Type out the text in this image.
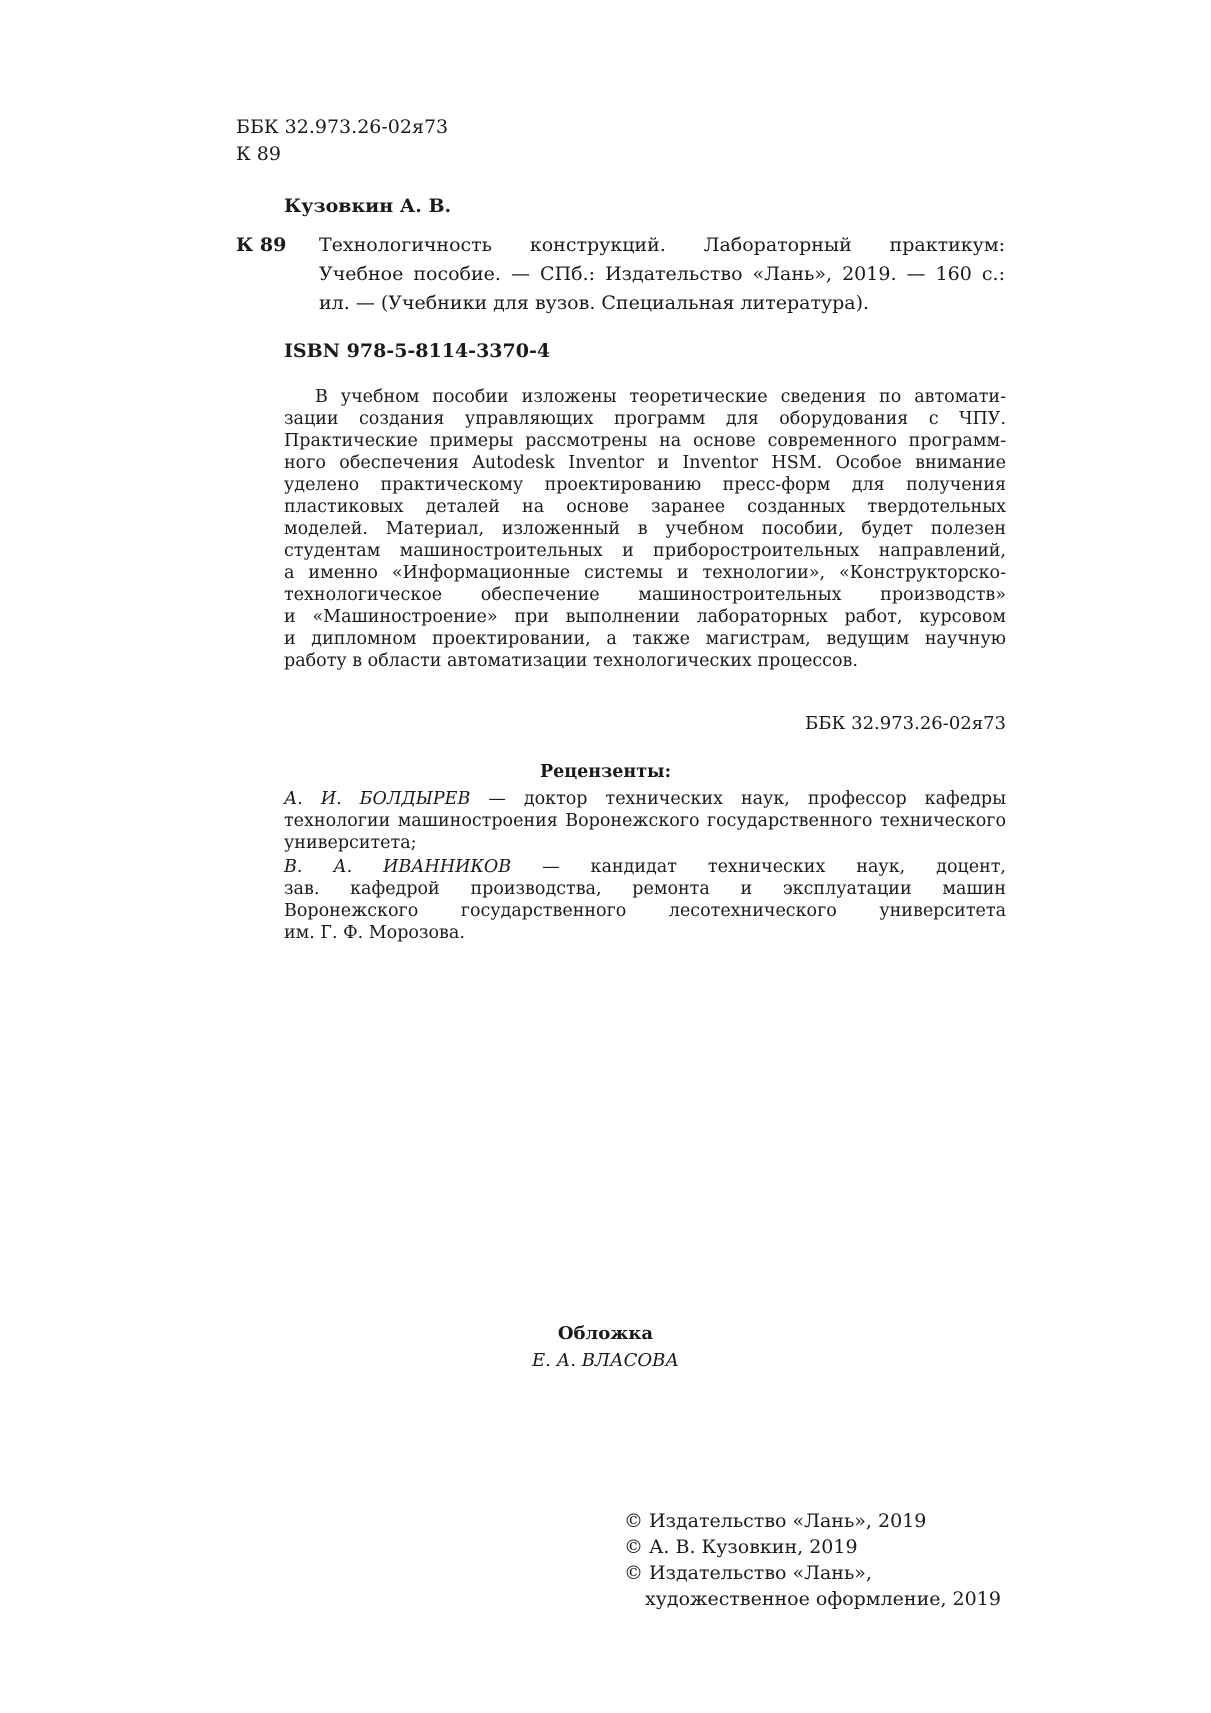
ББК 32.973.26-02я73
К 89
Кузовкин А. В.
К 89 Технологичность конструкций. Лабораторный практикум:
Учебное пособие. — СПб.: Издательство «Лань», 2019. — 160 с.:
ил. — (Учебники для вузов. Специальная литература).
ISBN 978-5-8114-3370-4
В учебном пособии изложены теоретические сведения по автомати-
зации создания управляющих программ для оборудования с ЧПУ.
Практические примеры рассмотрены на основе современного программ-
ного обеспечения Autodesk Inventor и Inventor HSM. Особое внимание
уделено практическому проектированию пресс-форм для получения
пластиковых деталей на основе заранее созданных твердотельных
моделей. Материал, изложенный в учебном пособии, будет полезен
студентам машиностроительных и приборостроительных направлений,
а именно «Информационные системы и технологии», «Конструкторско-
технологическое обеспечение машиностроительных производств»
и «Машиностроение» при выполнении лабораторных работ, курсовом
и дипломном проектировании, а также магистрам, ведущим научную
работу в области автоматизации технологических процессов.
ББК 32.973.26-02я73
Рецензенты:
А. И. БОЛДЫРЕВ — доктор технических наук, профессор кафедры
технологии машиностроения Воронежского государственного технического
университета;
В. А. ИВАННИКОВ — кандидат технических наук, доцент,
зав. кафедрой производства, ремонта и эксплуатации машин
Воронежского государственного лесотехнического университета
им. Г. Ф. Морозова.
Обложка
Е. А. ВЛАСОВА
© Издательство «Лань», 2019
© А. В. Кузовкин, 2019
© Издательство «Лань»,
художественное оформление, 2019
